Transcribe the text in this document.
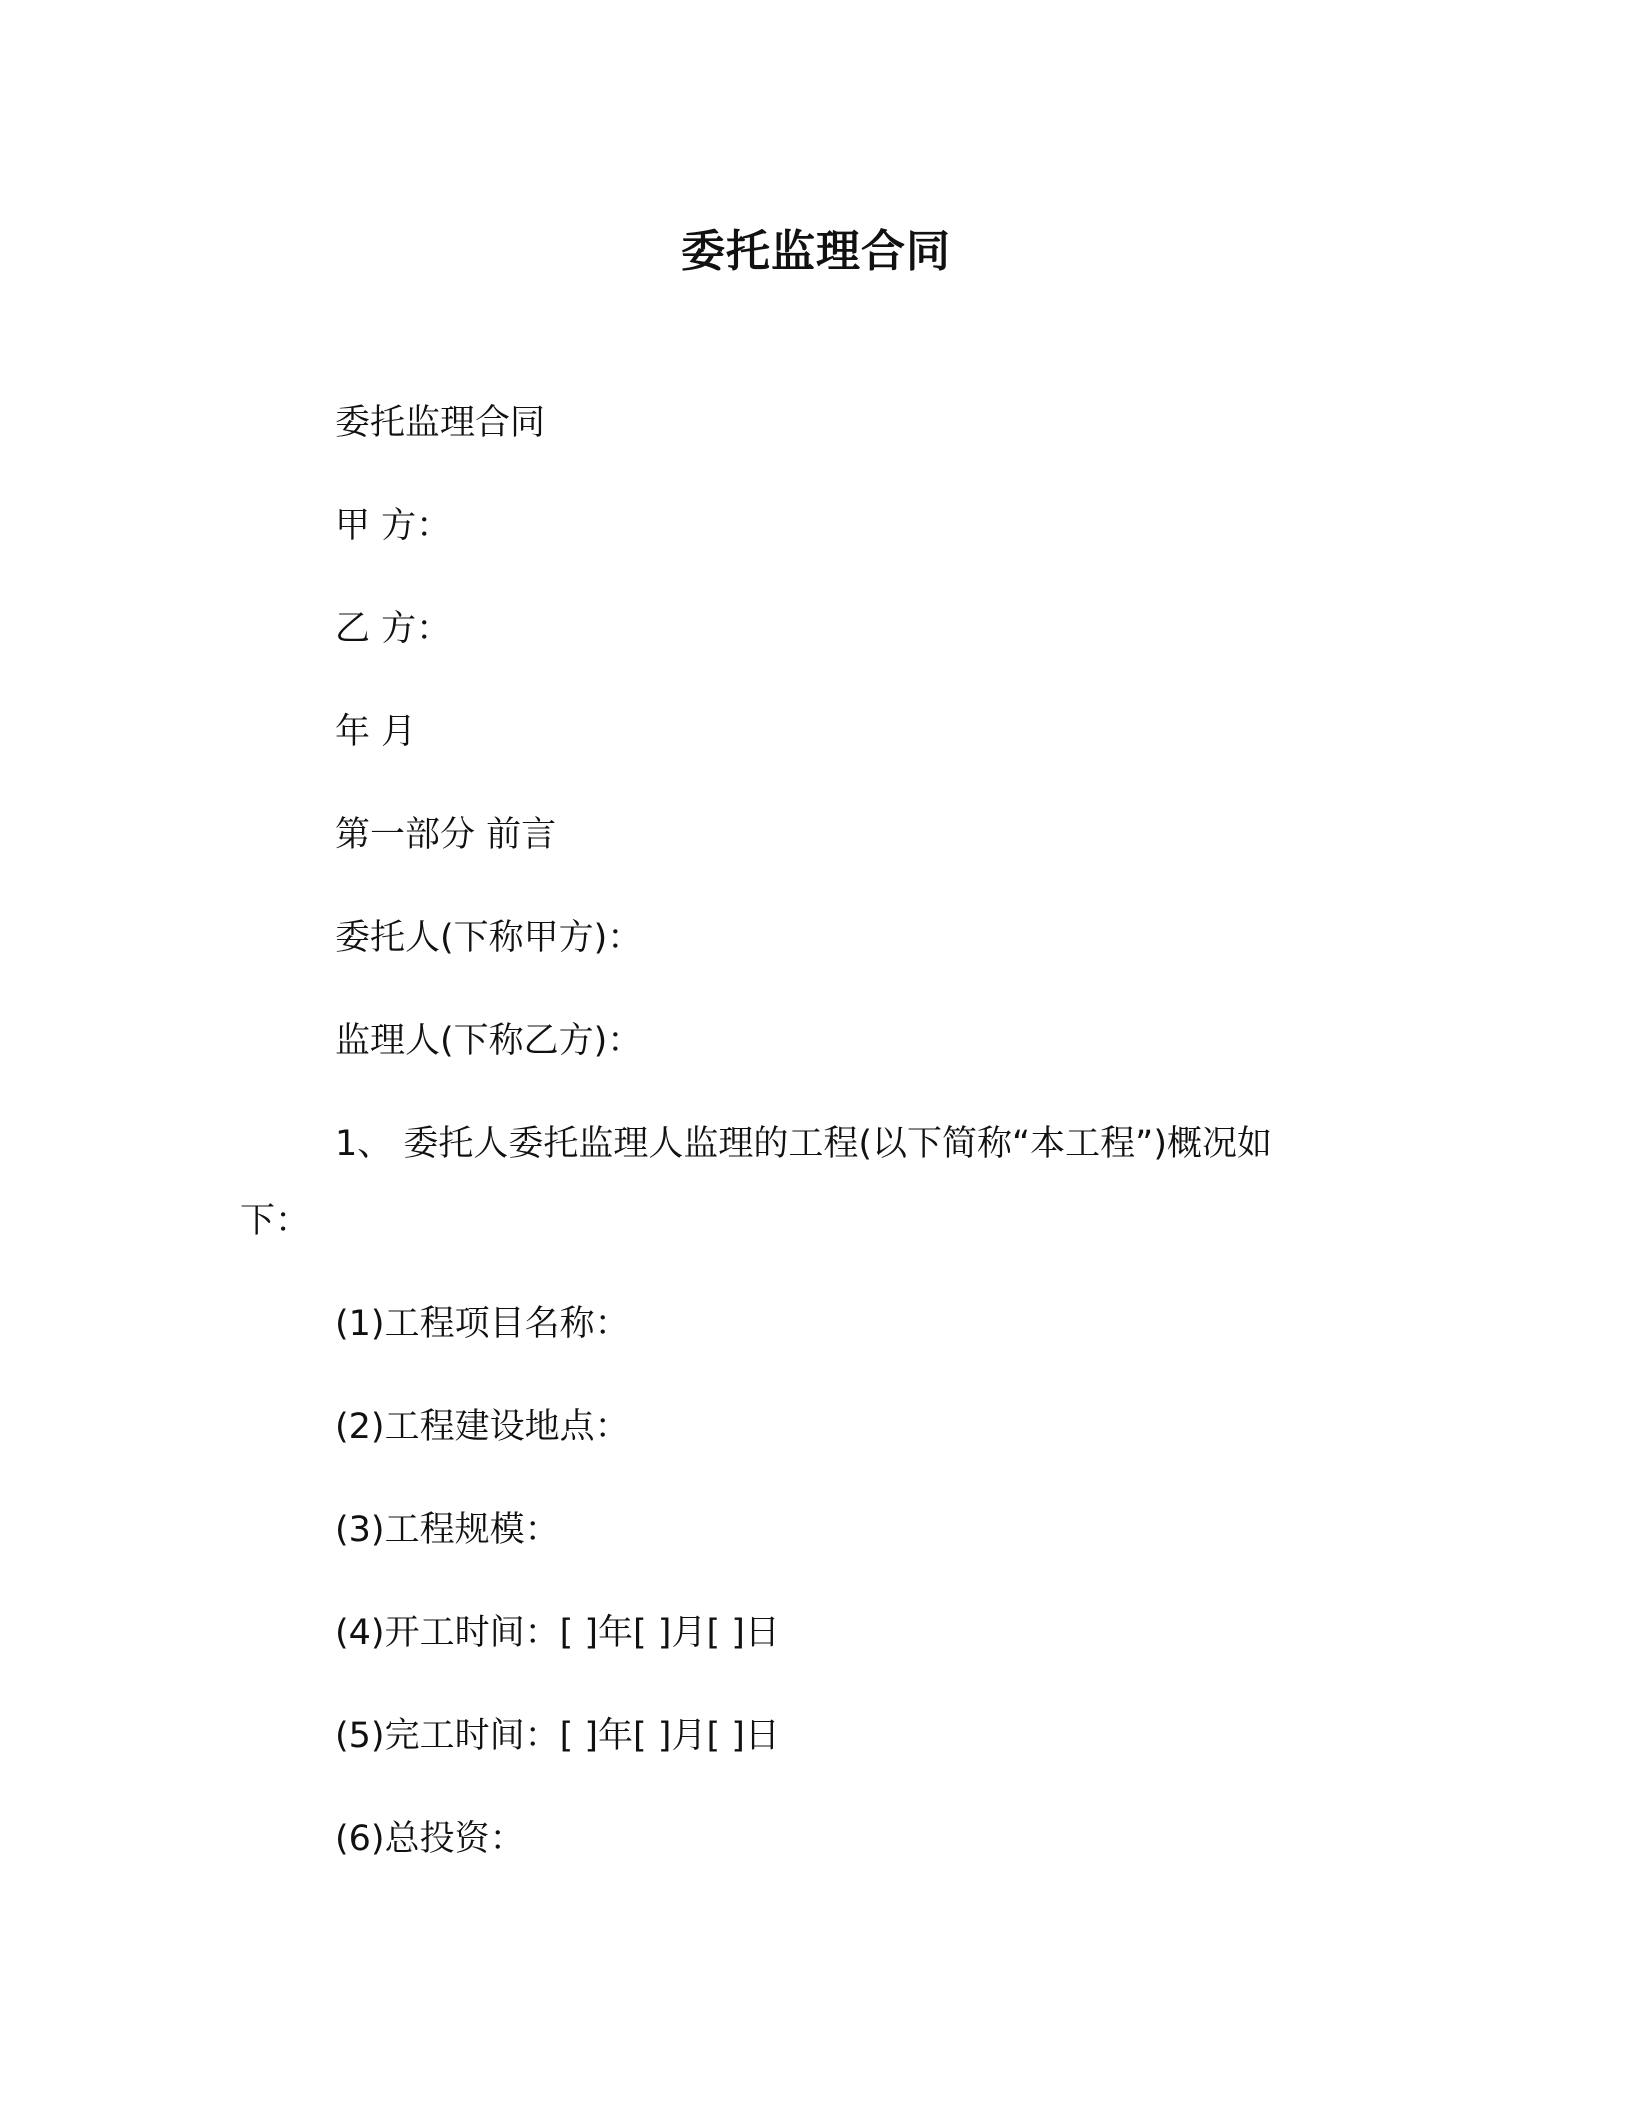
委托监理合同
委托监理合同
甲 方：
乙 方：
年 月
第一部分 前言
委托人(下称甲方)：
监理人(下称乙方)：
1、 委托人委托监理人监理的工程(以下简称“本工程”)概况如
下：
(1)工程项目名称：
(2)工程建设地点：
(3)工程规模：
(4)开工时间：[ ]年[ ]月[ ]日
(5)完工时间：[ ]年[ ]月[ ]日
(6)总投资：
